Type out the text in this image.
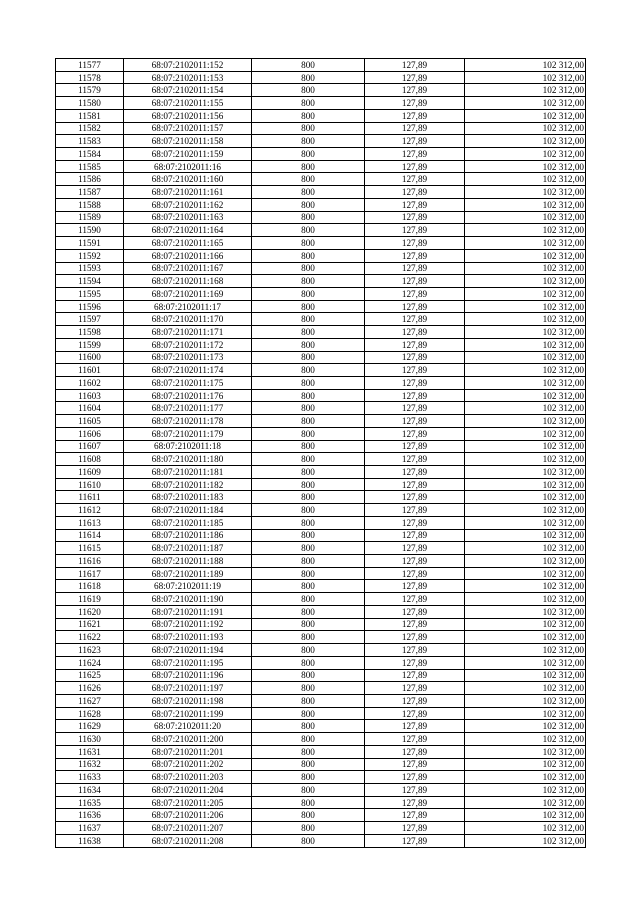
11577	68:07:2102011:152	800	127,89	102 312,00
11578	68:07:2102011:153	800	127,89	102 312,00
11579	68:07:2102011:154	800	127,89	102 312,00
11580	68:07:2102011:155	800	127,89	102 312,00
11581	68:07:2102011:156	800	127,89	102 312,00
11582	68:07:2102011:157	800	127,89	102 312,00
11583	68:07:2102011:158	800	127,89	102 312,00
11584	68:07:2102011:159	800	127,89	102 312,00
11585	68:07:2102011:16	800	127,89	102 312,00
11586	68:07:2102011:160	800	127,89	102 312,00
11587	68:07:2102011:161	800	127,89	102 312,00
11588	68:07:2102011:162	800	127,89	102 312,00
11589	68:07:2102011:163	800	127,89	102 312,00
11590	68:07:2102011:164	800	127,89	102 312,00
11591	68:07:2102011:165	800	127,89	102 312,00
11592	68:07:2102011:166	800	127,89	102 312,00
11593	68:07:2102011:167	800	127,89	102 312,00
11594	68:07:2102011:168	800	127,89	102 312,00
11595	68:07:2102011:169	800	127,89	102 312,00
11596	68:07:2102011:17	800	127,89	102 312,00
11597	68:07:2102011:170	800	127,89	102 312,00
11598	68:07:2102011:171	800	127,89	102 312,00
11599	68:07:2102011:172	800	127,89	102 312,00
11600	68:07:2102011:173	800	127,89	102 312,00
11601	68:07:2102011:174	800	127,89	102 312,00
11602	68:07:2102011:175	800	127,89	102 312,00
11603	68:07:2102011:176	800	127,89	102 312,00
11604	68:07:2102011:177	800	127,89	102 312,00
11605	68:07:2102011:178	800	127,89	102 312,00
11606	68:07:2102011:179	800	127,89	102 312,00
11607	68:07:2102011:18	800	127,89	102 312,00
11608	68:07:2102011:180	800	127,89	102 312,00
11609	68:07:2102011:181	800	127,89	102 312,00
11610	68:07:2102011:182	800	127,89	102 312,00
11611	68:07:2102011:183	800	127,89	102 312,00
11612	68:07:2102011:184	800	127,89	102 312,00
11613	68:07:2102011:185	800	127,89	102 312,00
11614	68:07:2102011:186	800	127,89	102 312,00
11615	68:07:2102011:187	800	127,89	102 312,00
11616	68:07:2102011:188	800	127,89	102 312,00
11617	68:07:2102011:189	800	127,89	102 312,00
11618	68:07:2102011:19	800	127,89	102 312,00
11619	68:07:2102011:190	800	127,89	102 312,00
11620	68:07:2102011:191	800	127,89	102 312,00
11621	68:07:2102011:192	800	127,89	102 312,00
11622	68:07:2102011:193	800	127,89	102 312,00
11623	68:07:2102011:194	800	127,89	102 312,00
11624	68:07:2102011:195	800	127,89	102 312,00
11625	68:07:2102011:196	800	127,89	102 312,00
11626	68:07:2102011:197	800	127,89	102 312,00
11627	68:07:2102011:198	800	127,89	102 312,00
11628	68:07:2102011:199	800	127,89	102 312,00
11629	68:07:2102011:20	800	127,89	102 312,00
11630	68:07:2102011:200	800	127,89	102 312,00
11631	68:07:2102011:201	800	127,89	102 312,00
11632	68:07:2102011:202	800	127,89	102 312,00
11633	68:07:2102011:203	800	127,89	102 312,00
11634	68:07:2102011:204	800	127,89	102 312,00
11635	68:07:2102011:205	800	127,89	102 312,00
11636	68:07:2102011:206	800	127,89	102 312,00
11637	68:07:2102011:207	800	127,89	102 312,00
11638	68:07:2102011:208	800	127,89	102 312,00
